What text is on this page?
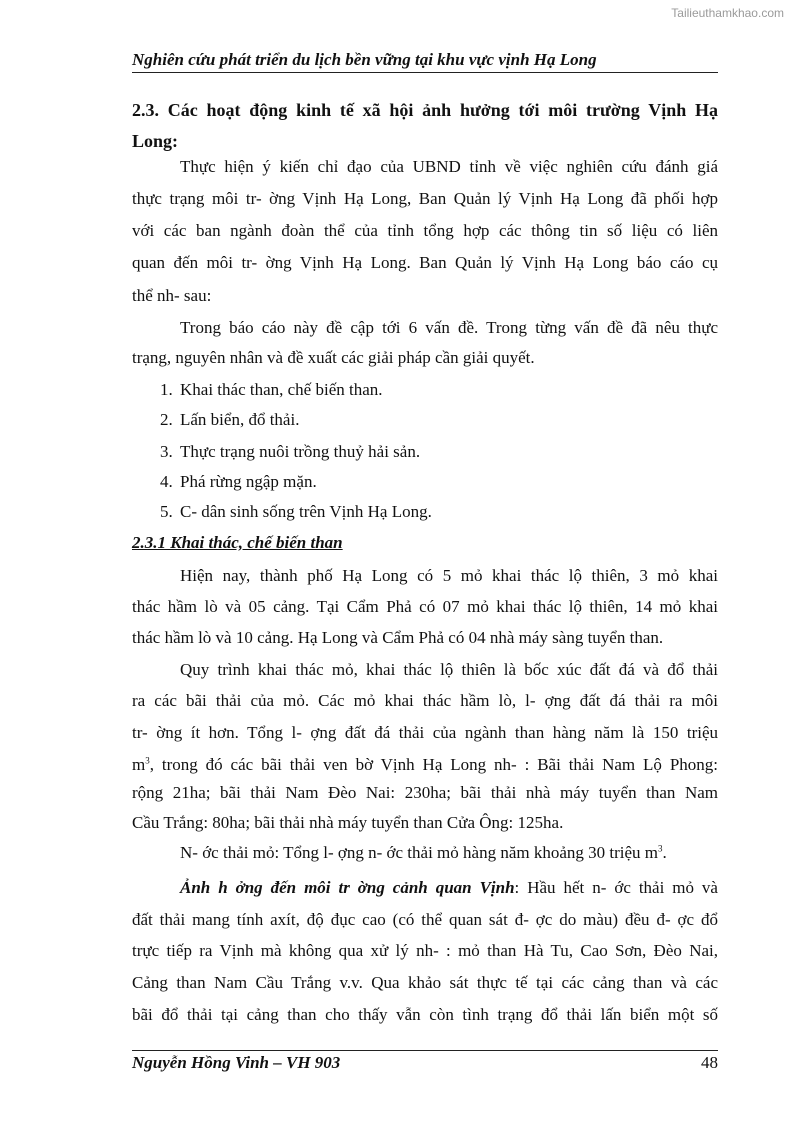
Tailieuthamkhao.com
Nghiên cứu phát triển du lịch bền vững tại khu vực vịnh Hạ Long
2.3. Các hoạt động kinh tế xã hội ảnh hưởng tới môi trường Vịnh Hạ
Long:
Thực hiện ý kiến chỉ đạo của UBND tỉnh về việc nghiên cứu đánh giá
thực trạng môi tr- ờng Vịnh Hạ Long, Ban Quản lý Vịnh Hạ Long đã phối hợp
với các ban ngành đoàn thể của tỉnh tổng hợp các thông tin số liệu có liên
quan đến môi tr- ờng Vịnh Hạ Long. Ban Quản lý Vịnh Hạ Long báo cáo cụ
thể nh- sau:
Trong báo cáo này đề cập tới 6 vấn đề. Trong từng vấn đề đã nêu thực
trạng, nguyên nhân và đề xuất các giải pháp cần giải quyết.
1. Khai thác than, chế biến than.
2. Lấn biển, đổ thải.
3. Thực trạng nuôi trồng thuỷ hải sản.
4. Phá rừng ngập mặn.
5. C- dân sinh sống trên Vịnh Hạ Long.
2.3.1 Khai thác, chế biến than
Hiện nay, thành phố Hạ Long có 5 mỏ khai thác lộ thiên, 3 mỏ khai
thác hầm lò và 05 cảng. Tại Cẩm Phả có 07 mỏ khai thác lộ thiên, 14 mỏ khai
thác hầm lò và 10 cảng. Hạ Long và Cẩm Phả có 04 nhà máy sàng tuyển than.
Quy trình khai thác mỏ, khai thác lộ thiên là bốc xúc đất đá và đổ thải
ra các bãi thải của mỏ. Các mỏ khai thác hầm lò, l- ợng đất đá thải ra môi
tr- ờng ít hơn. Tổng l- ợng đất đá thải của ngành than hàng năm là 150 triệu
$m^3$, trong đó các bãi thải ven bờ Vịnh Hạ Long nh- : Bãi thải Nam Lộ Phong:
rộng 21ha; bãi thải Nam Đèo Nai: 230ha; bãi thải nhà máy tuyển than Nam
Cầu Trắng: 80ha; bãi thải nhà máy tuyển than Cửa Ông: 125ha.
N- ớc thải mỏ: Tổng l- ợng n- ớc thải mỏ hàng năm khoảng 30 triệu $m^3$.
Ảnh h ởng đến môi tr ờng cảnh quan Vịnh: Hầu hết n- ớc thải mỏ và
đất thải mang tính axít, độ đục cao (có thể quan sát đ- ợc do màu) đều đ- ợc đổ
trực tiếp ra Vịnh mà không qua xử lý nh- : mỏ than Hà Tu, Cao Sơn, Đèo Nai,
Cảng than Nam Cầu Trắng v.v. Qua khảo sát thực tế tại các cảng than và các
bãi đổ thải tại cảng than cho thấy vẫn còn tình trạng đổ thải lấn biển một số
Nguyễn Hồng Vinh – VH 903	48
